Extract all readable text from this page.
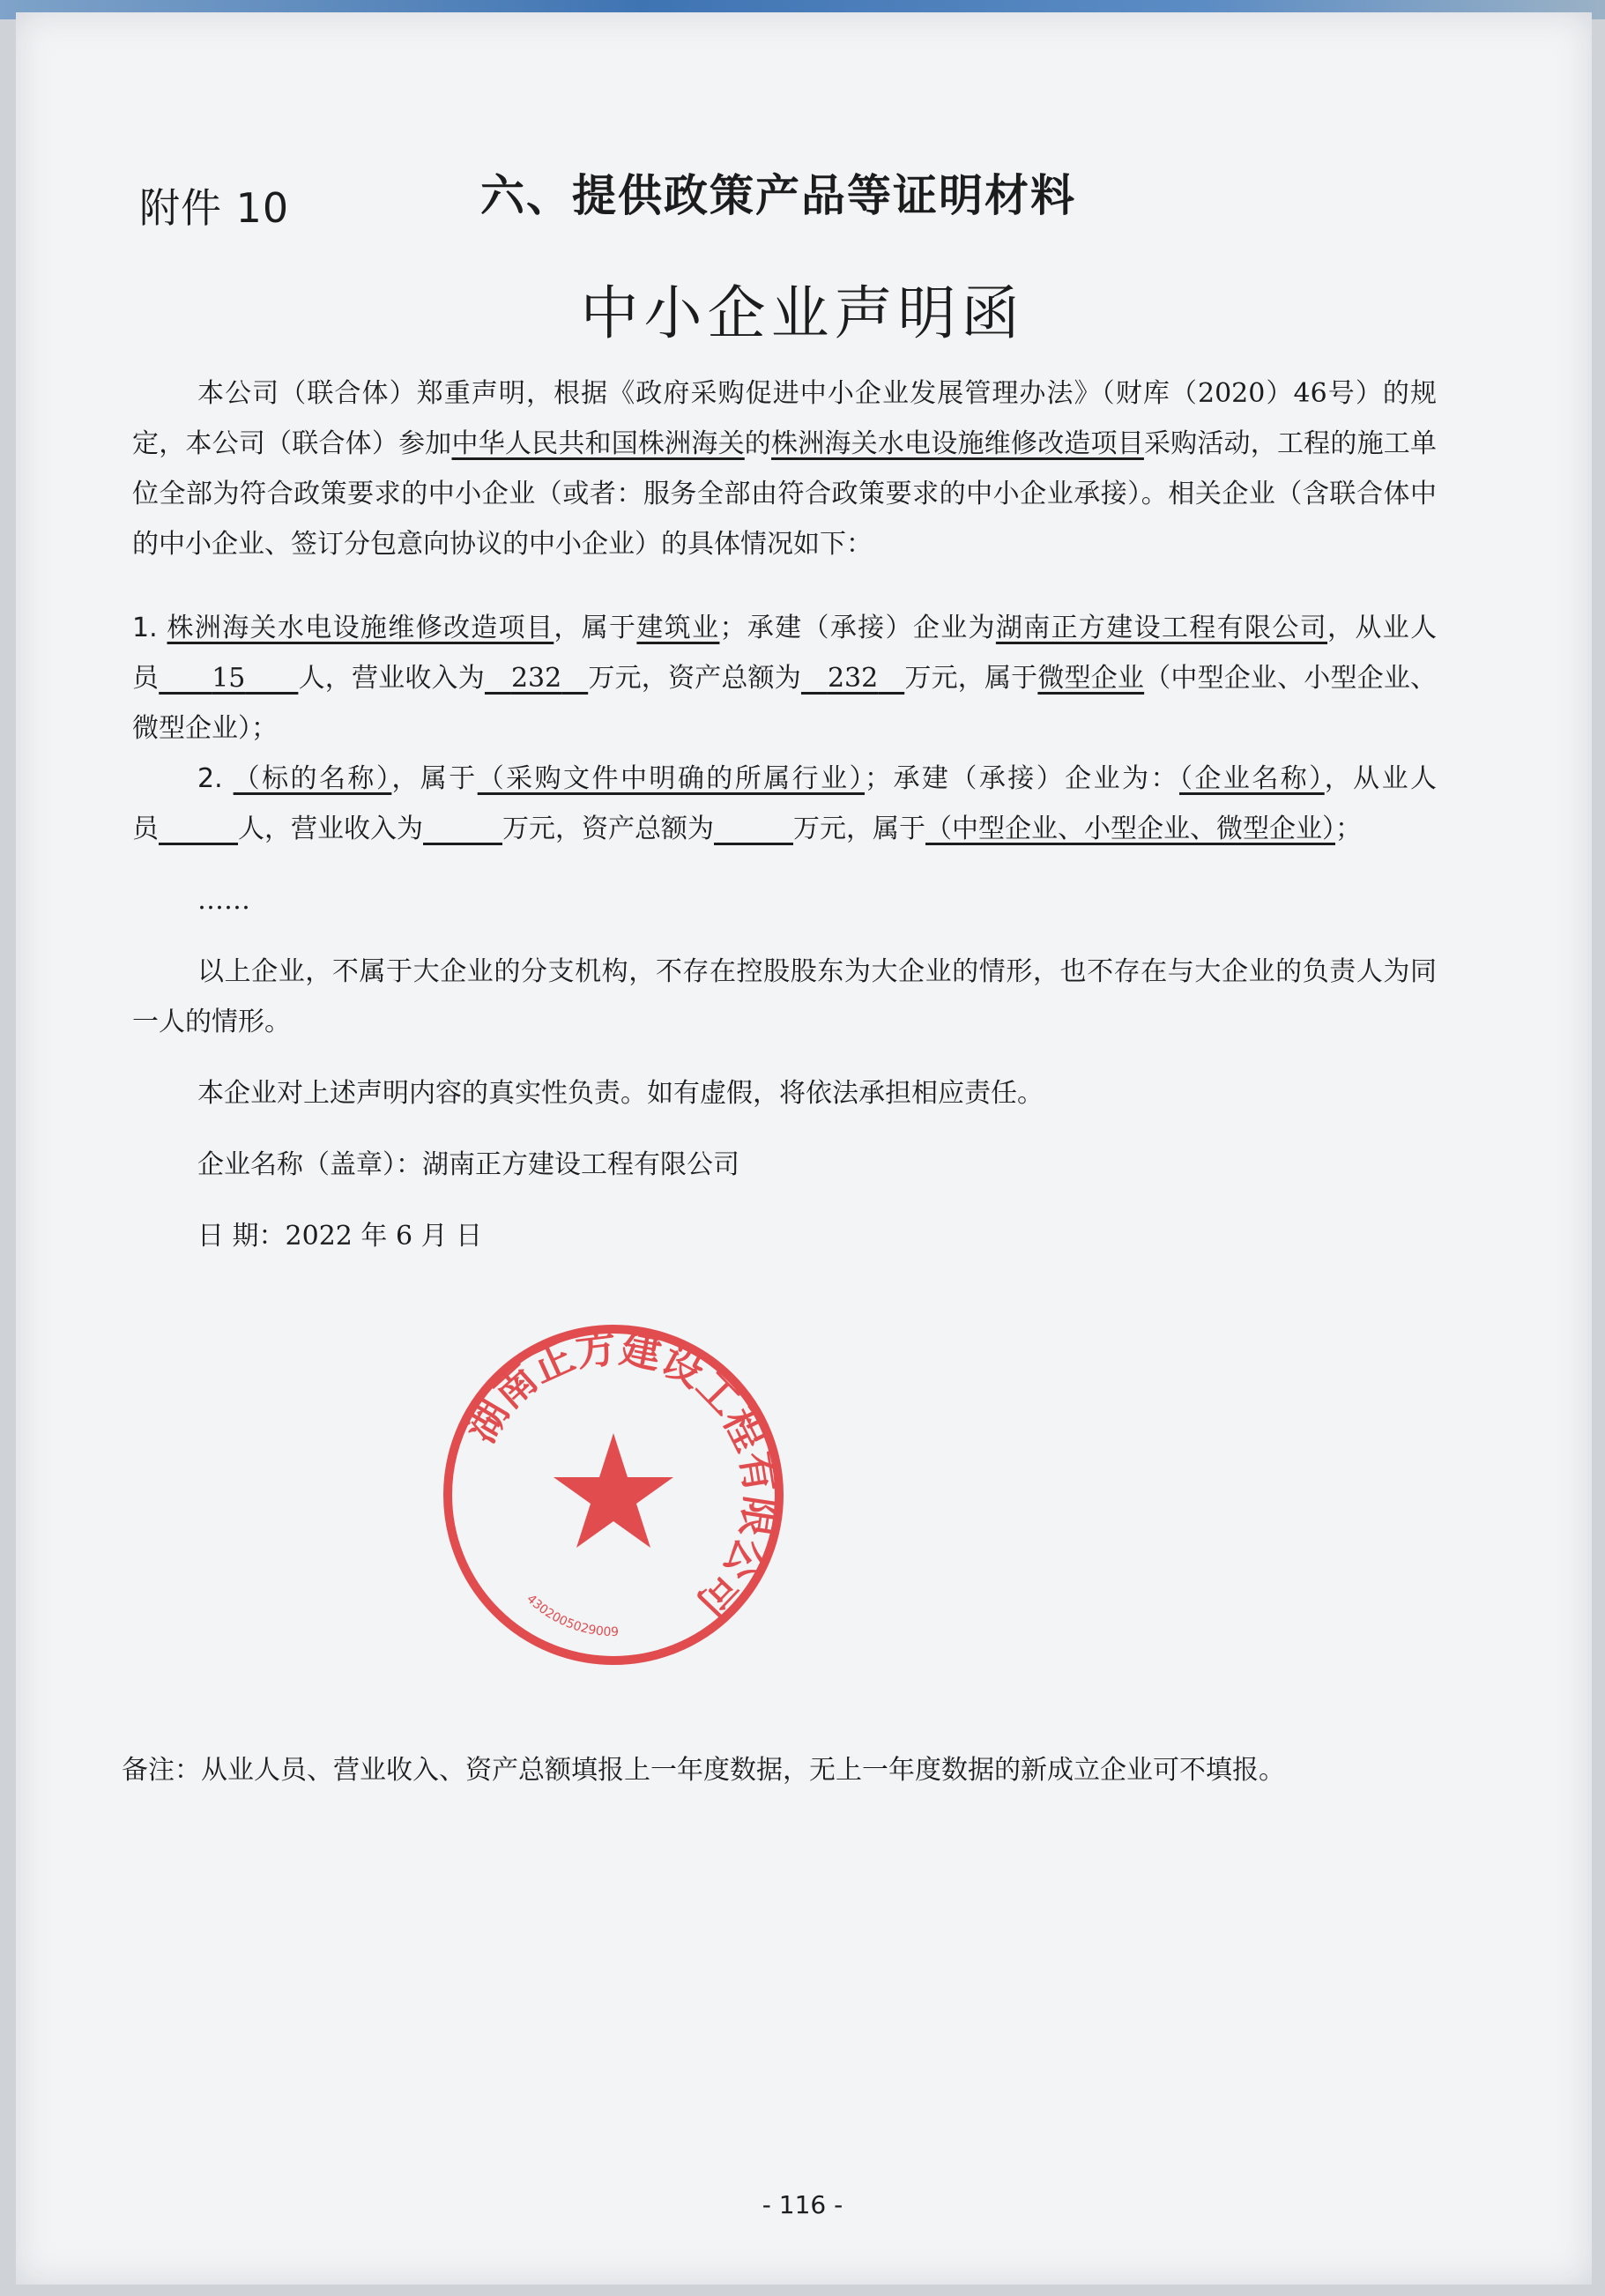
附件 10	六、提供政策产品等证明材料
中小企业声明函

本公司（联合体）郑重声明，根据《政府采购促进中小企业发展管理办法》（财库（2020）46号）的规定，本公司（联合体）参加中华人民共和国株洲海关的株洲海关水电设施维修改造项目采购活动，工程的施工单位全部为符合政策要求的中小企业（或者：服务全部由符合政策要求的中小企业承接）。相关企业（含联合体中的中小企业、签订分包意向协议的中小企业）的具体情况如下：

1. 株洲海关水电设施维修改造项目，属于建筑业；承建（承接）企业为湖南正方建设工程有限公司，从业人员   15   人，营业收入为  232  万元，资产总额为  232  万元，属于微型企业（中型企业、小型企业、微型企业）；

2. （标的名称），属于（采购文件中明确的所属行业）；承建（承接）企业为：（企业名称），从业人员   	人，营业收入为   	万元，资产总额为   	万元，属于（中型企业、小型企业、微型企业）；

……

以上企业，不属于大企业的分支机构，不存在控股股东为大企业的情形，也不存在与大企业的负责人为同一人的情形。

本企业对上述声明内容的真实性负责。如有虚假，将依法承担相应责任。

企业名称（盖章）：湖南正方建设工程有限公司

日 期：2022 年 6 月 日

湖南正方建设工程有限公司
4302005029009
备注：从业人员、营业收入、资产总额填报上一年度数据，无上一年度数据的新成立企业可不填报。
- 116 -
